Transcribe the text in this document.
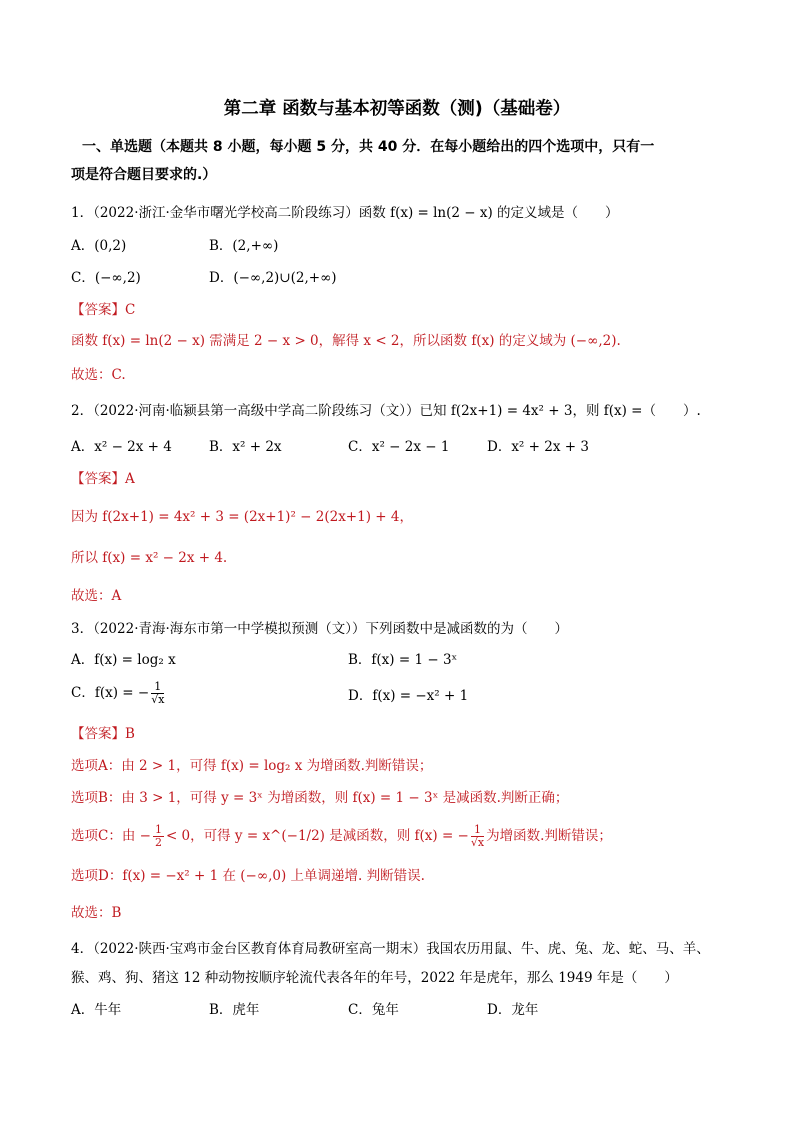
第二章 函数与基本初等函数（测)（基础卷）
一、单选题（本题共 8 小题，每小题 5 分，共 40 分．在每小题给出的四个选项中，只有一
项是符合题目要求的.）
1．（2022·浙江·金华市曙光学校高二阶段练习）函数 f(x) = ln(2 − x) 的定义域是（　　）
A．(0,2)	B．(2,+∞)
C．(−∞,2)	D．(−∞,2)∪(2,+∞)
【答案】C
函数 f(x) = ln(2 − x) 需满足 2 − x > 0，解得 x < 2，所以函数 f(x) 的定义域为 (−∞,2).
故选：C.
2．（2022·河南·临颍县第一高级中学高二阶段练习（文））已知 f(2x+1) = 4x² + 3，则 f(x) =（　　）.
A．x² − 2x + 4	B．x² + 2x	C．x² − 2x − 1	D．x² + 2x + 3
【答案】A
因为 f(2x+1) = 4x² + 3 = (2x+1)² − 2(2x+1) + 4，
所以 f(x) = x² − 2x + 4.
故选：A
3．（2022·青海·海东市第一中学模拟预测（文））下列函数中是减函数的为（　　）
A．f(x) = log₂ x	B．f(x) = 1 − 3ˣ
C．f(x) = − $\frac{1}{√x}$	D．f(x) = −x² + 1
【答案】B
选项A：由 2 > 1，可得 f(x) = log₂ x 为增函数.判断错误；
选项B：由 3 > 1，可得 y = 3ˣ 为增函数，则 f(x) = 1 − 3ˣ 是减函数.判断正确；
选项C：由 − $\frac{1}{2} < 0$，可得 y = x^(−1/2) 是减函数，则 f(x) = − $\frac{1}{√x}$ 为增函数.判断错误；
选项D：f(x) = −x² + 1 在 (−∞,0) 上单调递增. 判断错误.
故选：B
4．（2022·陕西·宝鸡市金台区教育体育局教研室高一期末）我国农历用鼠、牛、虎、兔、龙、蛇、马、羊、
猴、鸡、狗、猪这 12 种动物按顺序轮流代表各年的年号，2022 年是虎年，那么 1949 年是（　　）
A．牛年	B．虎年	C．兔年	D．龙年
